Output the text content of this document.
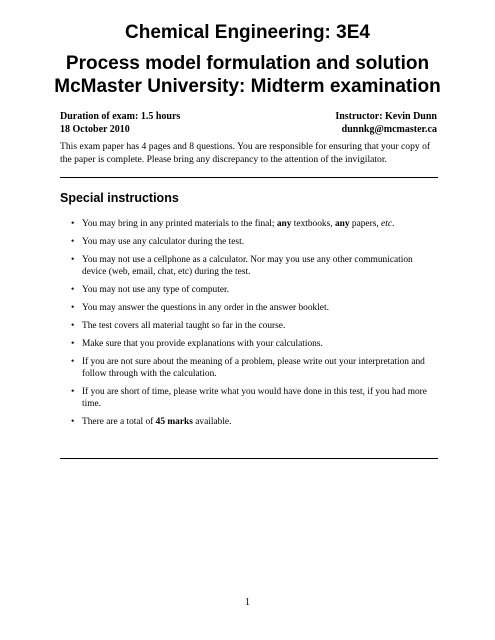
Chemical Engineering: 3E4
Process model formulation and solution
McMaster University: Midterm examination
Duration of exam: 1.5 hours
18 October 2010
Instructor: Kevin Dunn
dunnkg@mcmaster.ca

This exam paper has 4 pages and 8 questions. You are responsible for ensuring that your copy of the paper is complete. Please bring any discrepancy to the attention of the invigilator.

Special instructions
• You may bring in any printed materials to the final; any textbooks, any papers, etc.
• You may use any calculator during the test.
• You may not use a cellphone as a calculator. Nor may you use any other communication device (web, email, chat, etc) during the test.
• You may not use any type of computer.
• You may answer the questions in any order in the answer booklet.
• The test covers all material taught so far in the course.
• Make sure that you provide explanations with your calculations.
• If you are not sure about the meaning of a problem, please write out your interpretation and follow through with the calculation.
• If you are short of time, please write what you would have done in this test, if you had more time.
• There are a total of 45 marks available.
1
